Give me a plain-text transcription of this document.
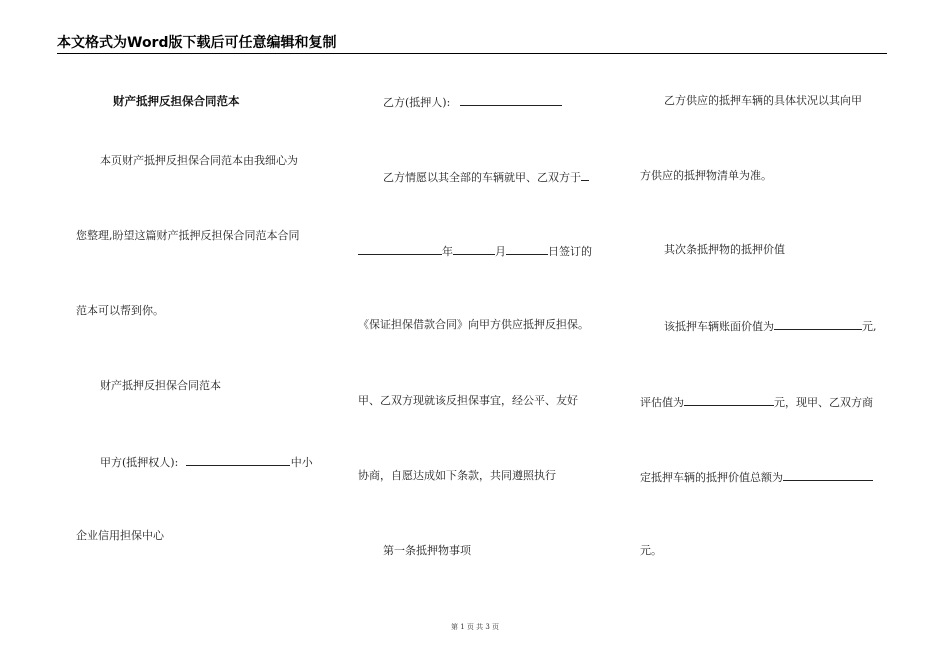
本文格式为Word版下载后可任意编辑和复制
财产抵押反担保合同范本
本页财产抵押反担保合同范本由我细心为
您整理,盼望这篇财产抵押反担保合同范本合同
范本可以帮到你。
财产抵押反担保合同范本
甲方(抵押权人):	中小
企业信用担保中心
乙方(抵押人):
乙方情愿以其全部的车辆就甲、乙双方于
年	月	日签订的
《保证担保借款合同》向甲方供应抵押反担保。
甲、乙双方现就该反担保事宜，经公平、友好
协商，自愿达成如下条款，共同遵照执行
第一条抵押物事项
乙方供应的抵押车辆的具体状况以其向甲
方供应的抵押物清单为准。
其次条抵押物的抵押价值
该抵押车辆账面价值为	元,
评估值为	元，现甲、乙双方商
定抵押车辆的抵押价值总额为
元。
第 1 页 共 3 页
